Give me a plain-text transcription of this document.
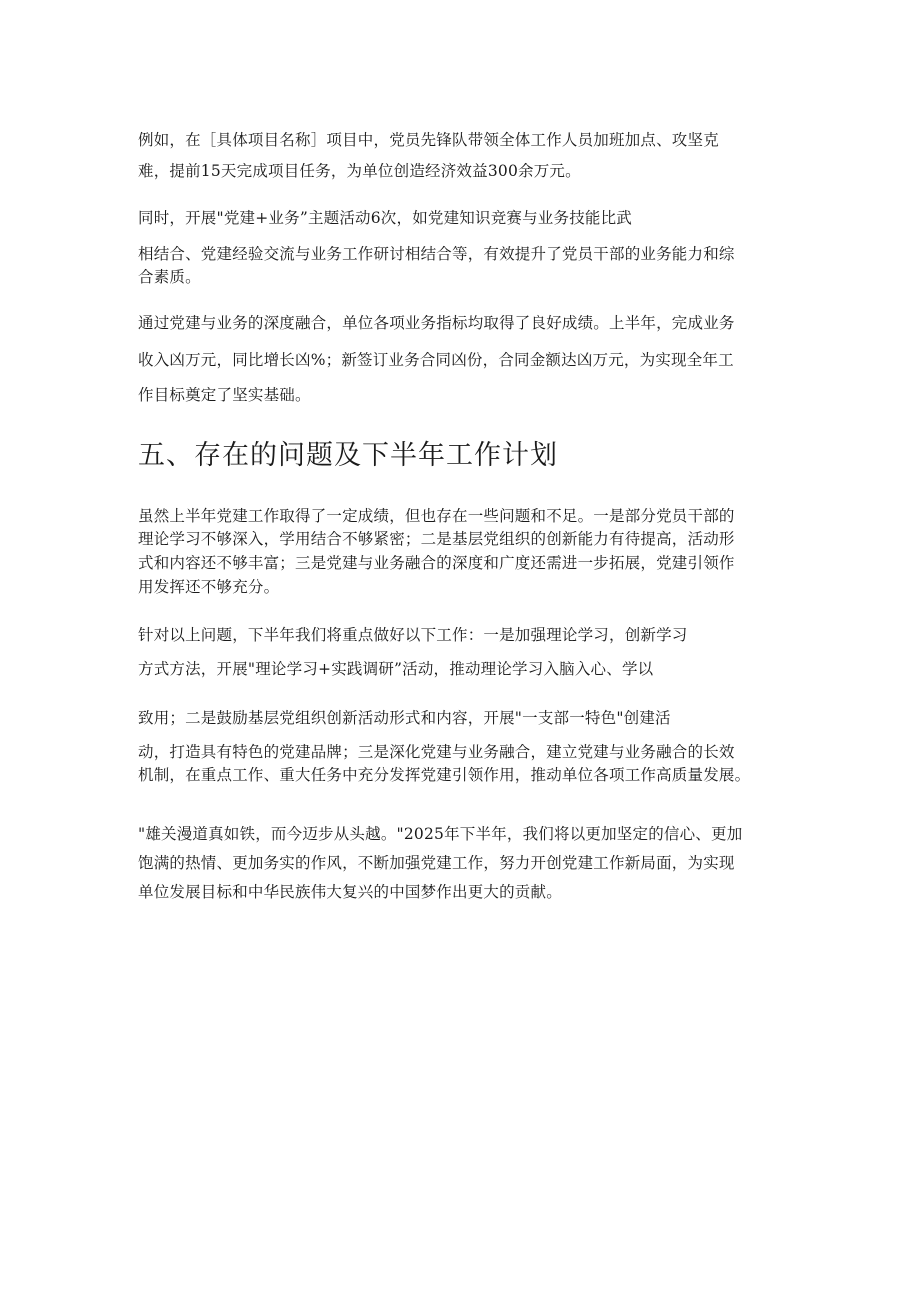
例如，在［具体项目名称］项目中，党员先锋队带领全体工作人员加班加点、攻坚克
难，提前15天完成项目任务，为单位创造经济效益300余万元。
同时，开展"党建+业务”主题活动6次，如党建知识竞赛与业务技能比武
相结合、党建经验交流与业务工作研讨相结合等，有效提升了党员干部的业务能力和综
合素质。
通过党建与业务的深度融合，单位各项业务指标均取得了良好成绩。上半年，完成业务
收入凶万元，同比增长凶%；新签订业务合同凶份，合同金额达凶万元，为实现全年工
作目标奠定了坚实基础。
五、存在的问题及下半年工作计划
虽然上半年党建工作取得了一定成绩，但也存在一些问题和不足。一是部分党员干部的
理论学习不够深入，学用结合不够紧密；二是基层党组织的创新能力有待提高，活动形
式和内容还不够丰富；三是党建与业务融合的深度和广度还需进一步拓展，党建引领作
用发挥还不够充分。
针对以上问题，下半年我们将重点做好以下工作：一是加强理论学习，创新学习
方式方法，开展"理论学习+实践调研”活动，推动理论学习入脑入心、学以
致用；二是鼓励基层党组织创新活动形式和内容，开展"一支部一特色"创建活
动，打造具有特色的党建品牌；三是深化党建与业务融合，建立党建与业务融合的长效
机制，在重点工作、重大任务中充分发挥党建引领作用，推动单位各项工作高质量发展。
"雄关漫道真如铁，而今迈步从头越。"2025年下半年，我们将以更加坚定的信心、更加
饱满的热情、更加务实的作风，不断加强党建工作，努力开创党建工作新局面，为实现
单位发展目标和中华民族伟大复兴的中国梦作出更大的贡献。
